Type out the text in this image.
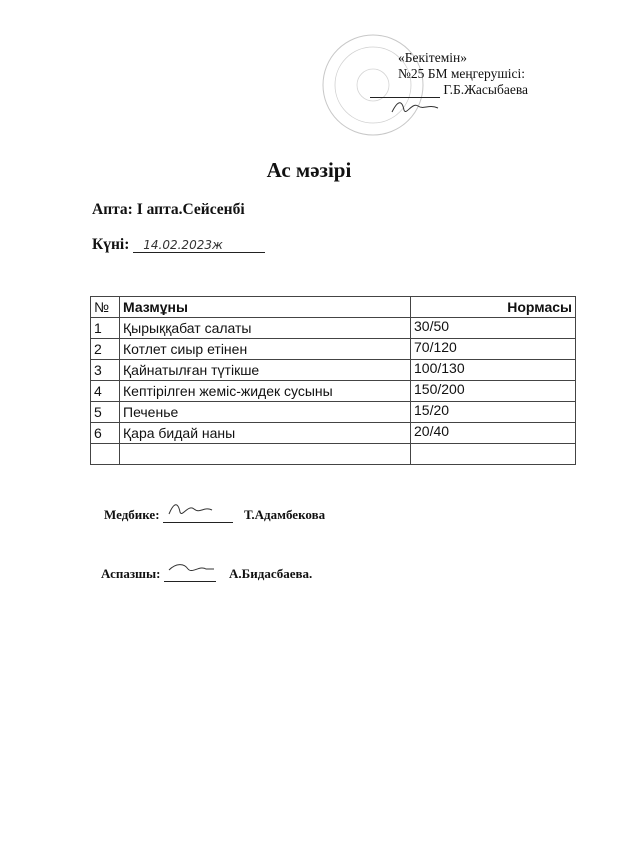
«Бекітемін»
№25 БМ меңгерушісі:
Г.Б.Жасыбаева
Ас мәзірі
Апта: І апта.Сейсенбі
Күні: 14.02.2023ж
№	Мазмұны	Нормасы
1	Қырыққабат салаты	30/50
2	Котлет сиыр етінен	70/120
3	Қайнатылған түтікше	100/130
4	Кептірілген жеміс-жидек сусыны	150/200
5	Печенье	15/20
6	Қара бидай наны	20/40

Медбике:	Т.Адамбекова
Аспазшы:	А.Бидасбаева.
